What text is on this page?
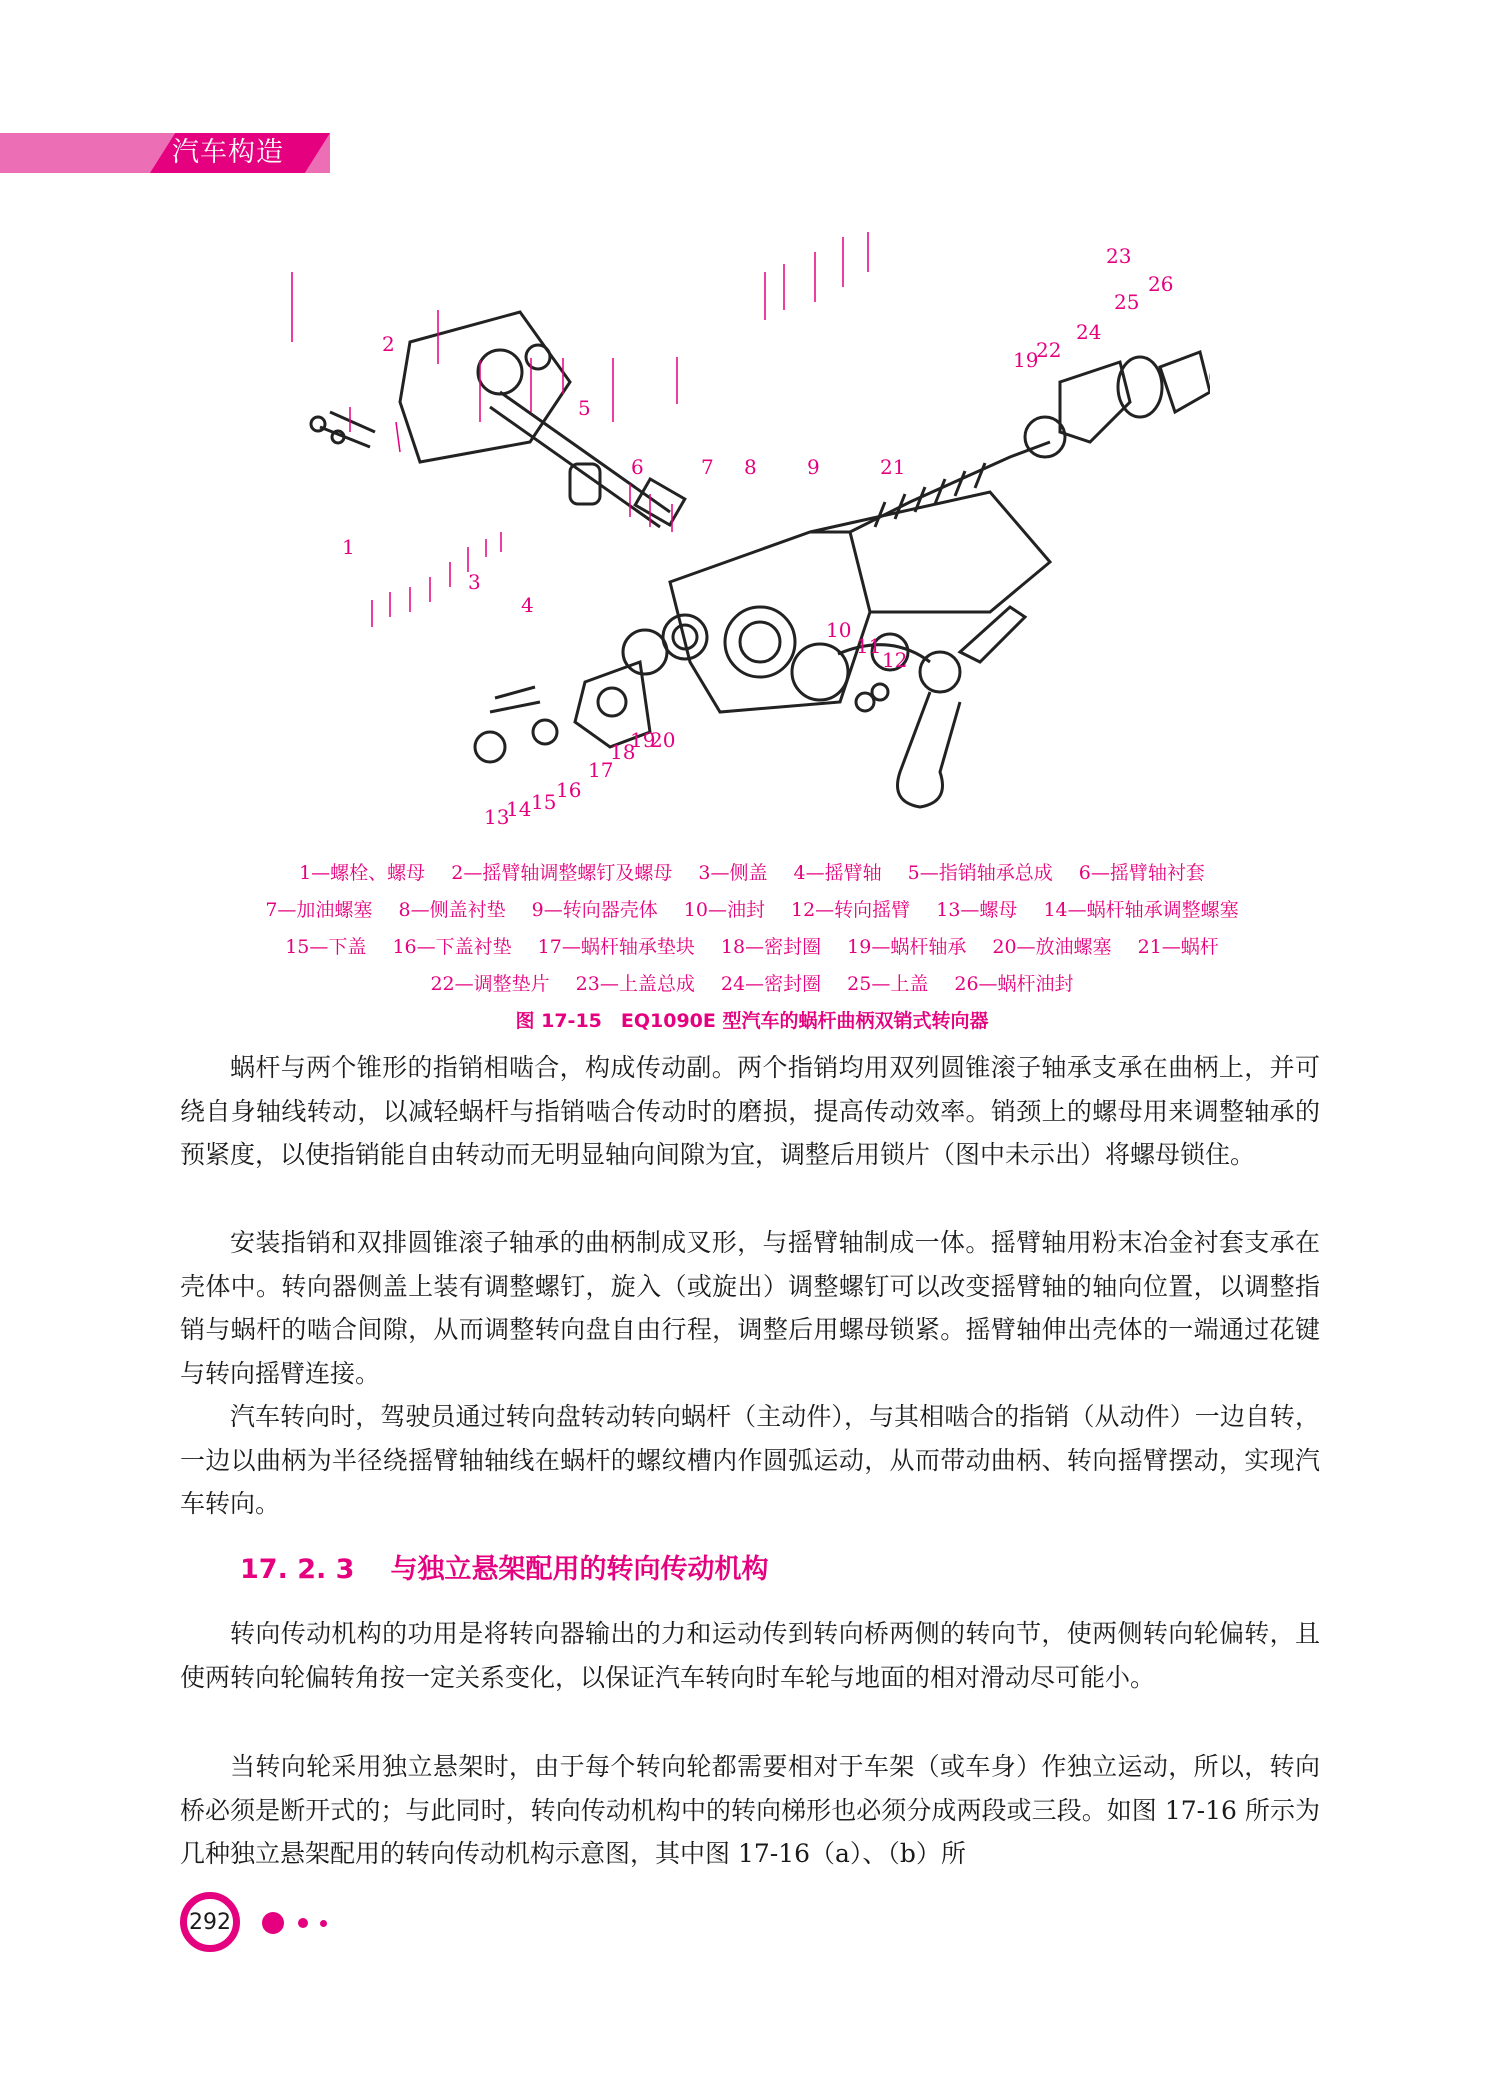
汽车构造
1
2
3
4
5
6	7 8	9
10
11
12
13
14 15 16
17
18
19
20
21
19
22
23
24
25
26
1—螺栓、螺母 2—摇臂轴调整螺钉及螺母 3—侧盖 4—摇臂轴 5—指销轴承总成 6—摇臂轴衬套
7—加油螺塞 8—侧盖衬垫 9—转向器壳体 10—油封 12—转向摇臂 13—螺母 14—蜗杆轴承调整螺塞
15—下盖 16—下盖衬垫 17—蜗杆轴承垫块 18—密封圈 19—蜗杆轴承 20—放油螺塞 21—蜗杆
22—调整垫片 23—上盖总成 24—密封圈 25—上盖 26—蜗杆油封
图 17-15　EQ1090E 型汽车的蜗杆曲柄双销式转向器

蜗杆与两个锥形的指销相啮合，构成传动副。两个指销均用双列圆锥滚子轴承支承在曲柄上，并可绕自身轴线转动，以减轻蜗杆与指销啮合传动时的磨损，提高传动效率。销颈上的螺母用来调整轴承的预紧度，以使指销能自由转动而无明显轴向间隙为宜，调整后用锁片（图中未示出）将螺母锁住。

安装指销和双排圆锥滚子轴承的曲柄制成叉形，与摇臂轴制成一体。摇臂轴用粉末冶金衬套支承在壳体中。转向器侧盖上装有调整螺钉，旋入（或旋出）调整螺钉可以改变摇臂轴的轴向位置，以调整指销与蜗杆的啮合间隙，从而调整转向盘自由行程，调整后用螺母锁紧。摇臂轴伸出壳体的一端通过花键与转向摇臂连接。

汽车转向时，驾驶员通过转向盘转动转向蜗杆（主动件），与其相啮合的指销（从动件）一边自转，一边以曲柄为半径绕摇臂轴轴线在蜗杆的螺纹槽内作圆弧运动，从而带动曲柄、转向摇臂摆动，实现汽车转向。

17. 2. 3 与独立悬架配用的转向传动机构

转向传动机构的功用是将转向器输出的力和运动传到转向桥两侧的转向节，使两侧转向轮偏转，且使两转向轮偏转角按一定关系变化，以保证汽车转向时车轮与地面的相对滑动尽可能小。

当转向轮采用独立悬架时，由于每个转向轮都需要相对于车架（或车身）作独立运动，所以，转向桥必须是断开式的；与此同时，转向传动机构中的转向梯形也必须分成两段或三段。如图 17-16 所示为几种独立悬架配用的转向传动机构示意图，其中图 17-16（a）、（b）所

292
